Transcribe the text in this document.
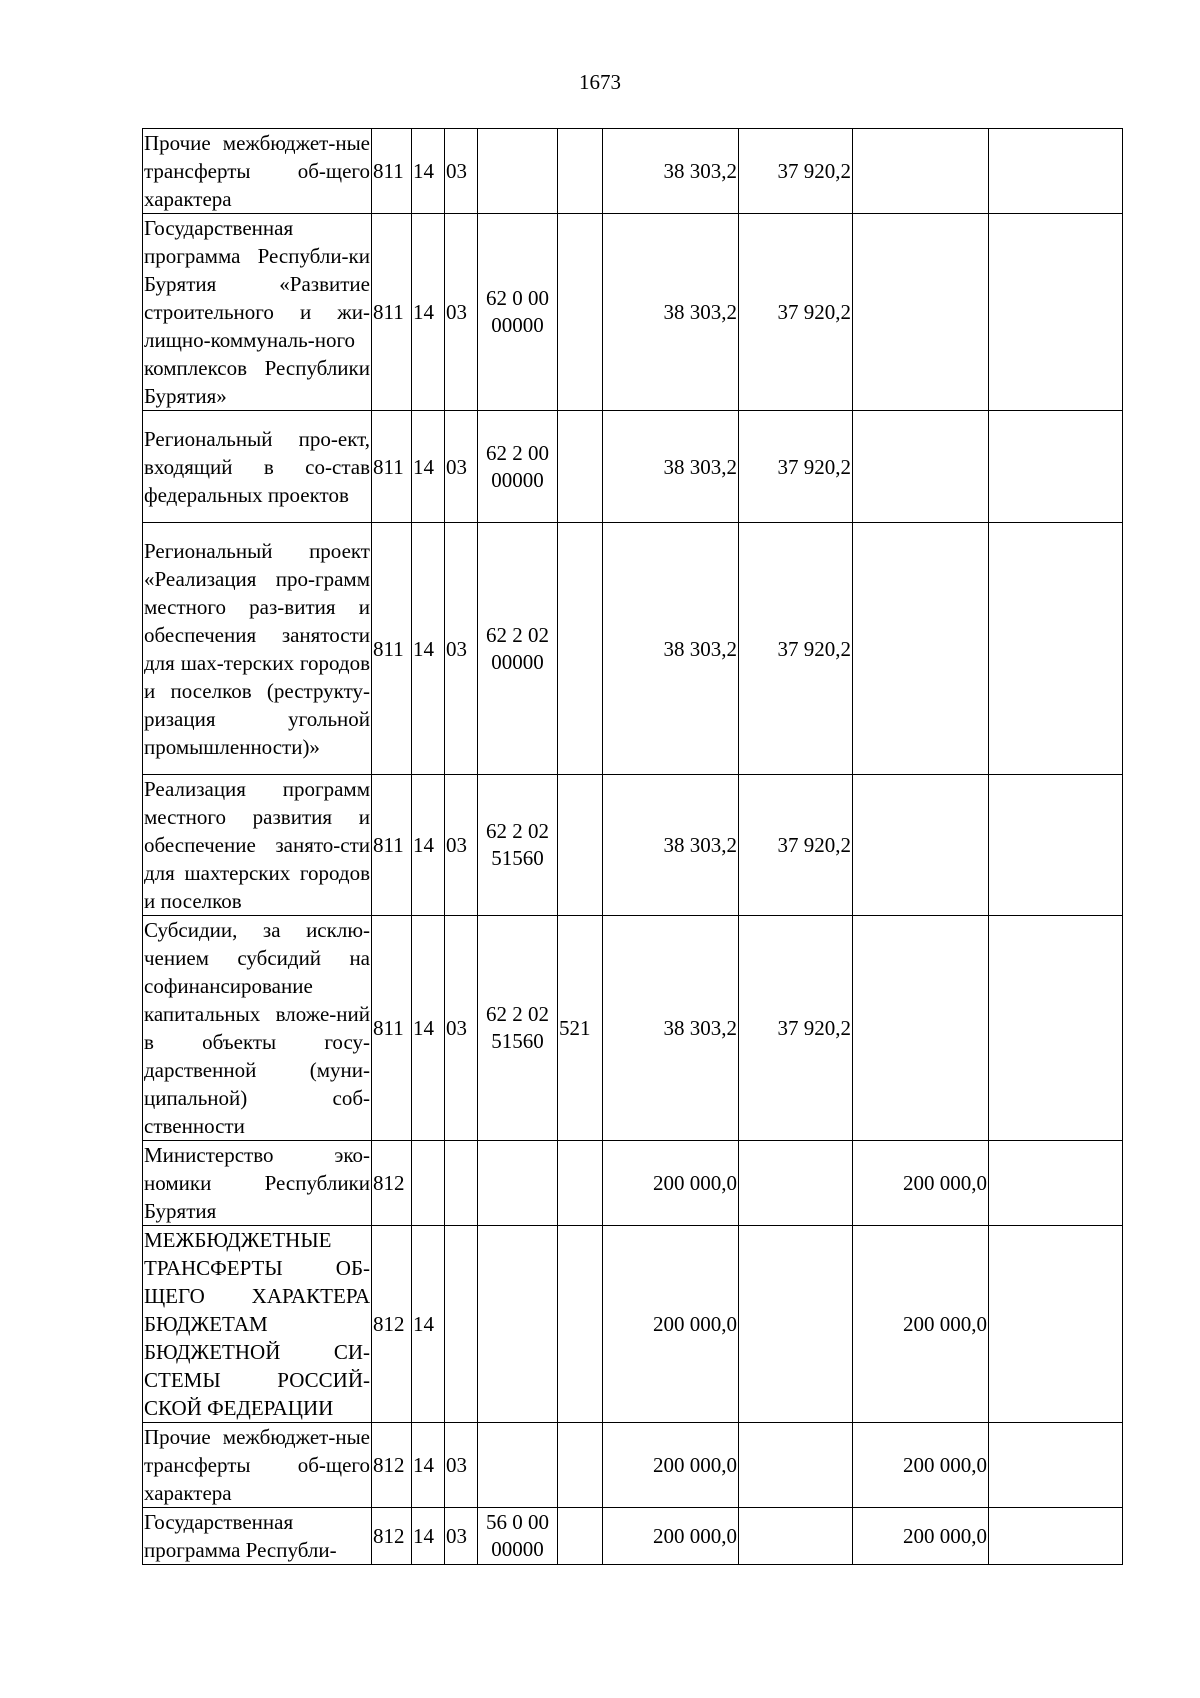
1673
Прочие межбюджет-ные трансферты об-щего характера	811	14	03			38 303,2	37 920,2		
Государственная программа Республи-ки Бурятия «Развитие строительного и жи-лищно-коммуналь-ного комплексов Республики Бурятия»	811	14	03	62 0 00 00000		38 303,2	37 920,2		
Региональный про-ект, входящий в со-став федеральных проектов	811	14	03	62 2 00 00000		38 303,2	37 920,2		
Региональный проект «Реализация про-грамм местного раз-вития и обеспечения занятости для шах-терских городов и поселков (реструкту-ризация угольной промышленности)»	811	14	03	62 2 02 00000		38 303,2	37 920,2		
Реализация программ местного развития и обеспечение занято-сти для шахтерских городов и поселков	811	14	03	62 2 02 51560		38 303,2	37 920,2		
Субсидии, за исклю-чением субсидий на софинансирование капитальных вложе-ний в объекты госу-дарственной (муни-ципальной) соб-ственности	811	14	03	62 2 02 51560	521	38 303,2	37 920,2		
Министерство эко-номики Республики Бурятия	812					200 000,0		200 000,0	
МЕЖБЮДЖЕТНЫЕ ТРАНСФЕРТЫ ОБ-ЩЕГО ХАРАКТЕРА БЮДЖЕТАМ БЮДЖЕТНОЙ СИ-СТЕМЫ РОССИЙ-СКОЙ ФЕДЕРАЦИИ	812	14				200 000,0		200 000,0	
Прочие межбюджет-ные трансферты об-щего характера	812	14	03			200 000,0		200 000,0	
Государственная программа Республи-	812	14	03	56 0 00 00000		200 000,0		200 000,0	
